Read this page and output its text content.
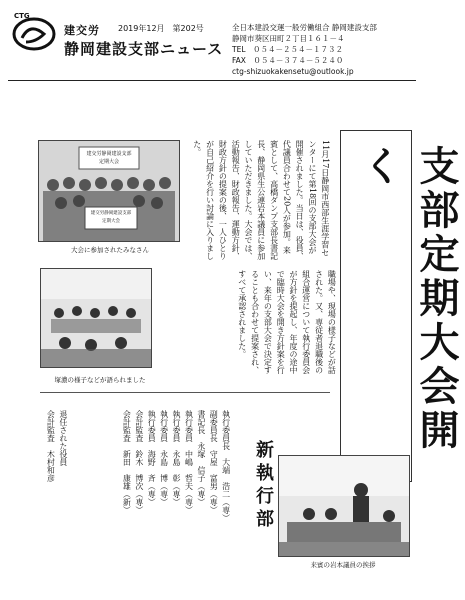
CTG
建交労 2019年12月　第202号
静岡建設支部ニュース
全日本建設交運一般労働組合 静岡建設支部
静岡市葵区田町２丁目１６１－４
TEL　０５４－２５４－１７３２
FAX　０５４－３７４－５２４０
ctg-shizuokakensetu@outlook.jp
建交労静岡建設支部
定期大会
建交労静岡建設支部
定期大会
大会に参加されたみなさん
塚濃の様子などが語られました
11月17日静岡市西部生涯学習センターにて第18回の支部大会が開催されました。当日は、役員、代議員合わせて20人が参加。来賓として、高橋ダンプ支部長書記長、静岡県生公連岩本議員に参加していただきました。大会では、活動報告、財政報告、運動方針、財政方針の提案の後、一人ひとりが自己紹介を行い討論に入りました。	支部定期大会開く
職場や、現場の様子などが話された。又、専従者退職後の組合運営について執行委員会が方針を提起し、年度の途中で臨時大会を開き方針案を行い、来年の支部大会で決定することも合わせて提案され、すべて承認されました。
執行委員長　大端　浩二（専）
副委員長　守屋　富男（専）
書記長　永塚　信子（専）
執行委員　中嶋　哲夫（専）
執行委員　永島　彰（専）
執行委員　永島　博（専）
執行委員　海野　斉（専）
会計監査　鈴木　博次（専）
会計監査　新田　康雄（新）	新執行部
退任された役員
会計監査　木村和彦
来賓の岩本議員の挨拶
